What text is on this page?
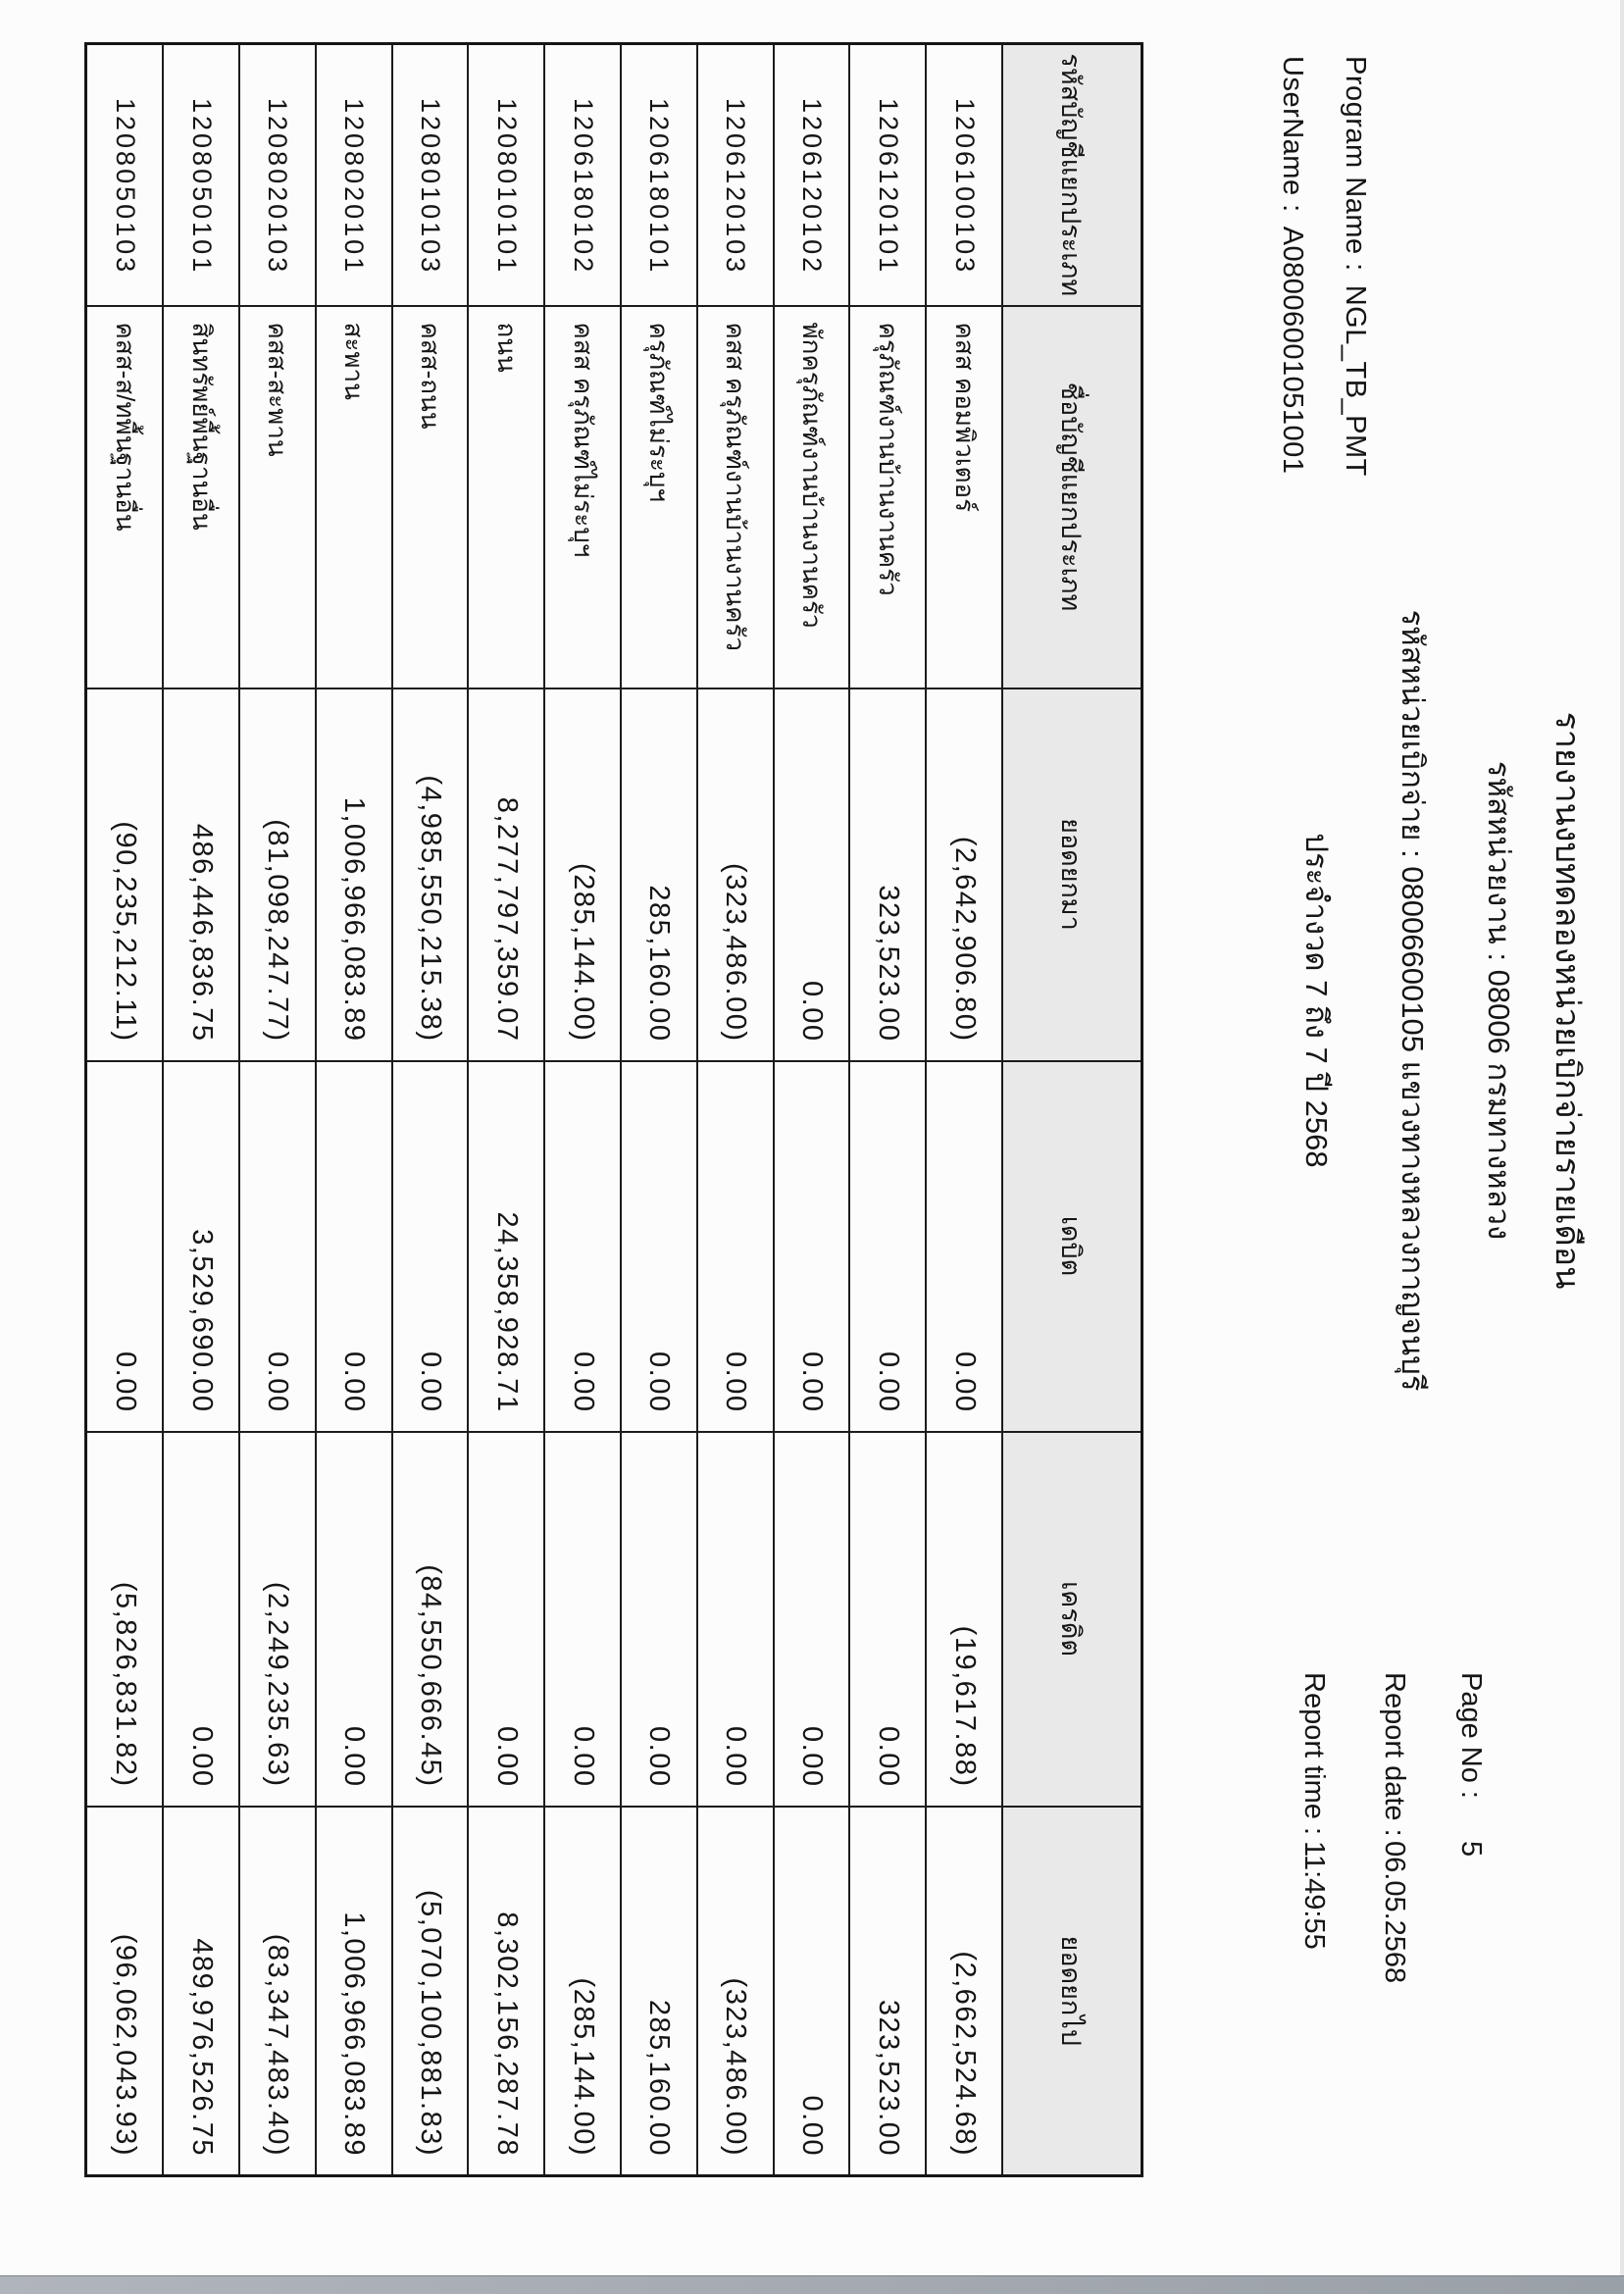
Program Name :
NGL_TB_PMT
UserName :
A08006001051001
รายงานงบทดลองหน่วยเบิกจ่ายรายเดือน
รหัสหน่วยงาน : 08006 กรมทางหลวง
รหัสหน่วยเบิกจ่าย : 08006600105 แขวงทางหลวงกาญจนบุรี
ประจำงวด 7 ถึง 7 ปี 2568
Page No :
5
Report date :
06.05.2568
Report time :
11:49:55
รหัสบัญชีแยกประเภท	ชื่อบัญชีแยกประเภท	ยอดยกมา	เดบิต	เครดิต	ยอดยกไป
1206100103	คสส คอมพิวเตอร์	(2,642,906.80)	0.00	(19,617.88)	(2,662,524.68)
1206120101	ครุภัณฑ์งานบ้านงานครัว	323,523.00	0.00	0.00	323,523.00
1206120102	พักครุภัณฑ์งานบ้านงานครัว	0.00	0.00	0.00	0.00
1206120103	คสส ครุภัณฑ์งานบ้านงานครัว	(323,486.00)	0.00	0.00	(323,486.00)
1206180101	ครุภัณฑ์ไม่ระบุฯ	285,160.00	0.00	0.00	285,160.00
1206180102	คสส ครุภัณฑ์ไม่ระบุฯ	(285,144.00)	0.00	0.00	(285,144.00)
1208010101	ถนน	8,277,797,359.07	24,358,928.71	0.00	8,302,156,287.78
1208010103	คสส-ถนน	(4,985,550,215.38)	0.00	(84,550,666.45)	(5,070,100,881.83)
1208020101	สะพาน	1,006,966,083.89	0.00	0.00	1,006,966,083.89
1208020103	คสส-สะพาน	(81,098,247.77)	0.00	(2,249,235.63)	(83,347,483.40)
1208050101	สินทรัพย์พื้นฐานอื่น	486,446,836.75	3,529,690.00	0.00	489,976,526.75
1208050103	คสส-ส/ทพื้นฐานอื่น	(90,235,212.11)	0.00	(5,826,831.82)	(96,062,043.93)
